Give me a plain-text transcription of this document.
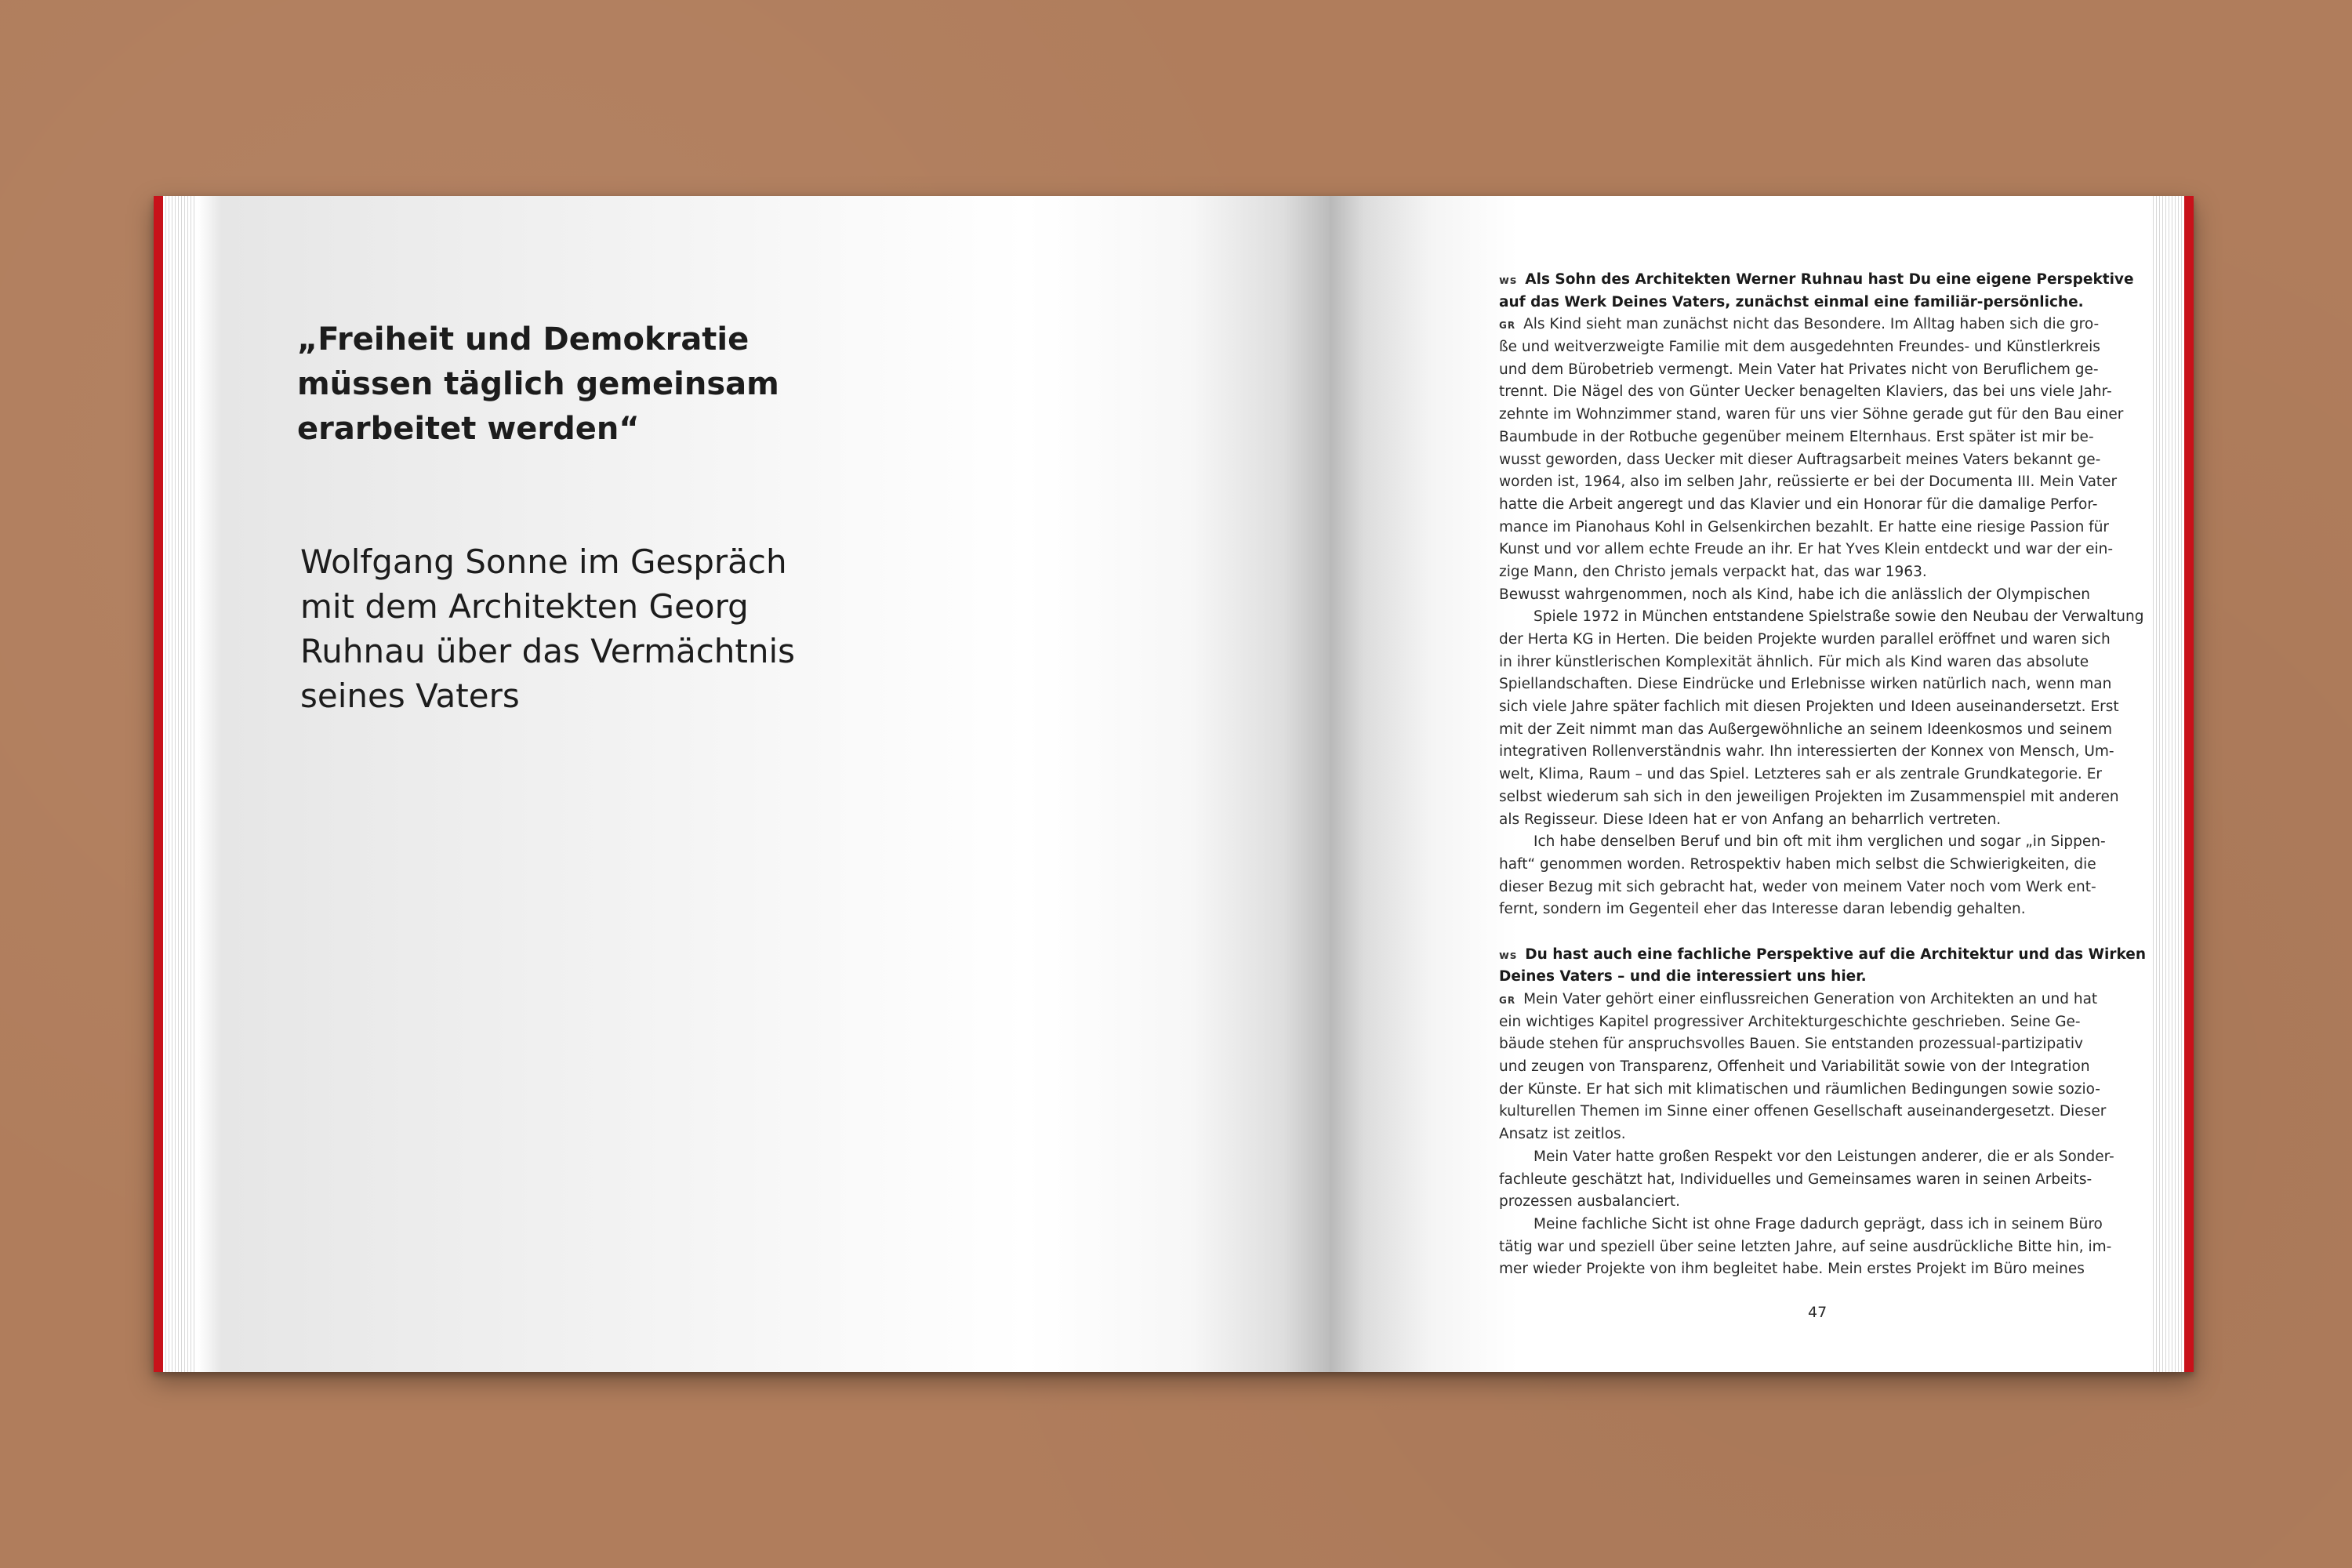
„Freiheit und Demokratie
müssen täglich gemeinsam
erarbeitet werden“
Wolfgang Sonne im Gespräch
mit dem Architekten Georg
Ruhnau über das Vermächtnis
seines Vaters
ws Als Sohn des Architekten Werner Ruhnau hast Du eine eigene Perspektive
auf das Werk Deines Vaters, zunächst einmal eine familiär-persönliche.
GR Als Kind sieht man zunächst nicht das Besondere. Im Alltag haben sich die gro-
ße und weitverzweigte Familie mit dem ausgedehnten Freundes- und Künstlerkreis
und dem Bürobetrieb vermengt. Mein Vater hat Privates nicht von Beruflichem ge-
trennt. Die Nägel des von Günter Uecker benagelten Klaviers, das bei uns viele Jahr-
zehnte im Wohnzimmer stand, waren für uns vier Söhne gerade gut für den Bau einer
Baumbude in der Rotbuche gegenüber meinem Elternhaus. Erst später ist mir be-
wusst geworden, dass Uecker mit dieser Auftragsarbeit meines Vaters bekannt ge-
worden ist, 1964, also im selben Jahr, reüssierte er bei der Documenta III. Mein Vater
hatte die Arbeit angeregt und das Klavier und ein Honorar für die damalige Perfor-
mance im Pianohaus Kohl in Gelsenkirchen bezahlt. Er hatte eine riesige Passion für
Kunst und vor allem echte Freude an ihr. Er hat Yves Klein entdeckt und war der ein-
zige Mann, den Christo jemals verpackt hat, das war 1963.
Bewusst wahrgenommen, noch als Kind, habe ich die anlässlich der Olympischen
Spiele 1972 in München entstandene Spielstraße sowie den Neubau der Verwaltung
der Herta KG in Herten. Die beiden Projekte wurden parallel eröffnet und waren sich
in ihrer künstlerischen Komplexität ähnlich. Für mich als Kind waren das absolute
Spiellandschaften. Diese Eindrücke und Erlebnisse wirken natürlich nach, wenn man
sich viele Jahre später fachlich mit diesen Projekten und Ideen auseinandersetzt. Erst
mit der Zeit nimmt man das Außergewöhnliche an seinem Ideenkosmos und seinem
integrativen Rollenverständnis wahr. Ihn interessierten der Konnex von Mensch, Um-
welt, Klima, Raum – und das Spiel. Letzteres sah er als zentrale Grundkategorie. Er
selbst wiederum sah sich in den jeweiligen Projekten im Zusammenspiel mit anderen
als Regisseur. Diese Ideen hat er von Anfang an beharrlich vertreten.
Ich habe denselben Beruf und bin oft mit ihm verglichen und sogar „in Sippen-
haft“ genommen worden. Retrospektiv haben mich selbst die Schwierigkeiten, die
dieser Bezug mit sich gebracht hat, weder von meinem Vater noch vom Werk ent-
fernt, sondern im Gegenteil eher das Interesse daran lebendig gehalten.
ws Du hast auch eine fachliche Perspektive auf die Architektur und das Wirken
Deines Vaters – und die interessiert uns hier.
GR Mein Vater gehört einer einflussreichen Generation von Architekten an und hat
ein wichtiges Kapitel progressiver Architekturgeschichte geschrieben. Seine Ge-
bäude stehen für anspruchsvolles Bauen. Sie entstanden prozessual-partizipativ
und zeugen von Transparenz, Offenheit und Variabilität sowie von der Integration
der Künste. Er hat sich mit klimatischen und räumlichen Bedingungen sowie sozio-
kulturellen Themen im Sinne einer offenen Gesellschaft auseinandergesetzt. Dieser
Ansatz ist zeitlos.
Mein Vater hatte großen Respekt vor den Leistungen anderer, die er als Sonder-
fachleute geschätzt hat, Individuelles und Gemeinsames waren in seinen Arbeits-
prozessen ausbalanciert.
Meine fachliche Sicht ist ohne Frage dadurch geprägt, dass ich in seinem Büro
tätig war und speziell über seine letzten Jahre, auf seine ausdrückliche Bitte hin, im-
mer wieder Projekte von ihm begleitet habe. Mein erstes Projekt im Büro meines
47
